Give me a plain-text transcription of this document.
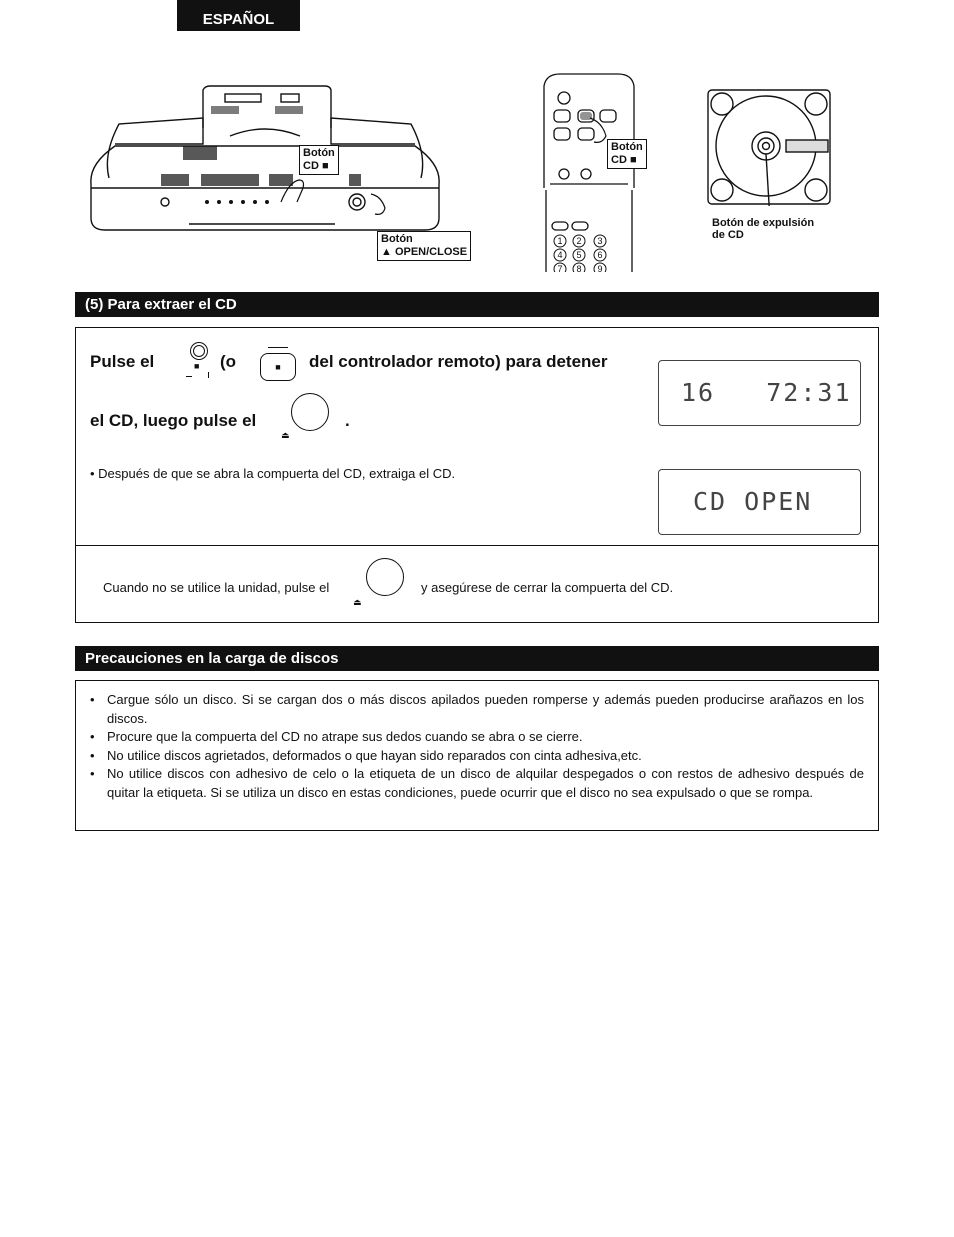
ESPAÑOL
Botón
CD ■
Botón
▲ OPEN/CLOSE
1 2 3
4 5 6
7 8 9
Botón
CD ■
Botón de expulsión
de CD
(5) Para extraer el CD
Pulse el	■ (o	■	del controlador remoto) para detener
el CD, luego pulse el
⏏
.
• Después de que se abra la compuerta del CD, extraiga el CD.
16   72:31
CD OPEN
Cuando no se utilice la unidad, pulse el
⏏
y asegúrese de cerrar la compuerta del CD.
Precauciones en la carga de discos
• Cargue sólo un disco. Si se cargan dos o más discos apilados pueden romperse y además pueden producirse arañazos en los discos.
• Procure que la compuerta del CD no atrape sus dedos cuando se abra o se cierre.
• No utilice discos agrietados, deformados o que hayan sido reparados con cinta adhesiva,etc.
• No utilice discos con adhesivo de celo o la etiqueta de un disco de alquilar despegados o con restos de adhesivo después de quitar la etiqueta. Si se utiliza un disco en estas condiciones, puede ocurrir que el disco no sea expulsado o que se rompa.
